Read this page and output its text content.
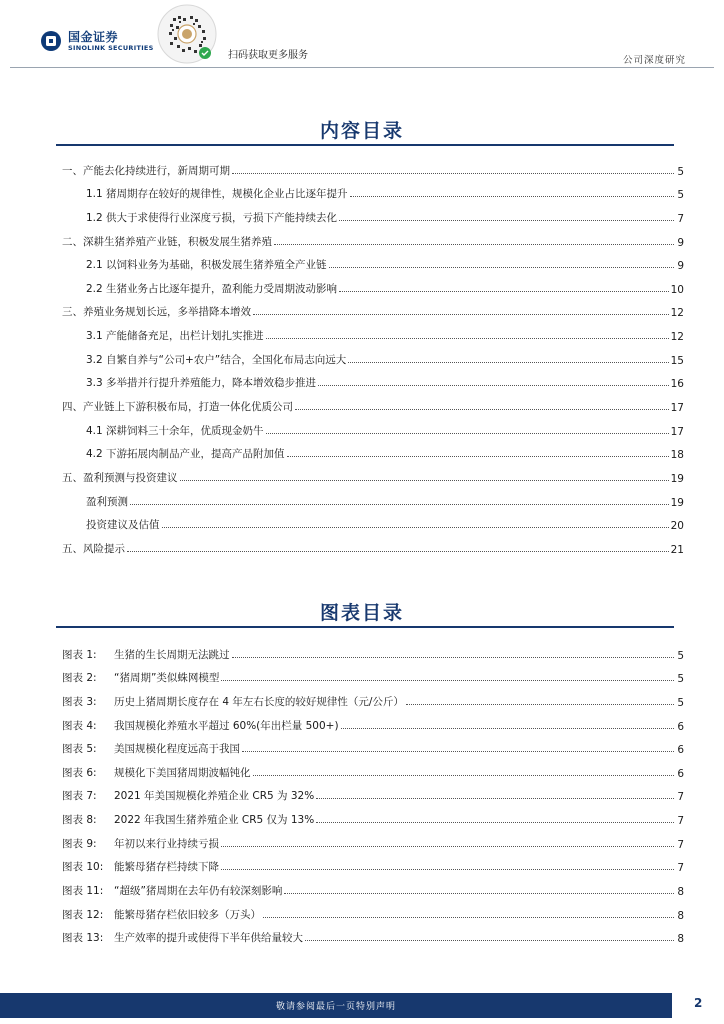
国金证券
SINOLINK SECURITIES
扫码获取更多服务	公司深度研究
内容目录
一、产能去化持续进行，新周期可期	5
1.1 猪周期存在较好的规律性，规模化企业占比逐年提升	5
1.2 供大于求使得行业深度亏损，亏损下产能持续去化	7
二、深耕生猪养殖产业链，积极发展生猪养殖	9
2.1 以饲料业务为基础，积极发展生猪养殖全产业链	9
2.2 生猪业务占比逐年提升，盈利能力受周期波动影响	10
三、养殖业务规划长远，多举措降本增效	12
3.1 产能储备充足，出栏计划扎实推进	12
3.2 自繁自养与“公司+农户”结合，全国化布局志向远大	15
3.3 多举措并行提升养殖能力，降本增效稳步推进	16
四、产业链上下游积极布局，打造一体化优质公司	17
4.1 深耕饲料三十余年，优质现金奶牛	17
4.2 下游拓展肉制品产业，提高产品附加值	18
五、盈利预测与投资建议	19
盈利预测	19
投资建议及估值	20
五、风险提示	21
图表目录
图表 1: 生猪的生长周期无法跳过	5
图表 2: “猪周期”类似蛛网模型	5
图表 3: 历史上猪周期长度存在 4 年左右长度的较好规律性（元/公斤）	5
图表 4: 我国规模化养殖水平超过 60%(年出栏量 500+)	6
图表 5: 美国规模化程度远高于我国	6
图表 6: 规模化下美国猪周期波幅钝化	6
图表 7: 2021 年美国规模化养殖企业 CR5 为 32%	7
图表 8: 2022 年我国生猪养殖企业 CR5 仅为 13%	7
图表 9: 年初以来行业持续亏损	7
图表 10: 能繁母猪存栏持续下降	7
图表 11: “超级”猪周期在去年仍有较深刻影响	8
图表 12: 能繁母猪存栏依旧较多（万头）	8
图表 13: 生产效率的提升或使得下半年供给量较大	8
敬请参阅最后一页特别声明	2
